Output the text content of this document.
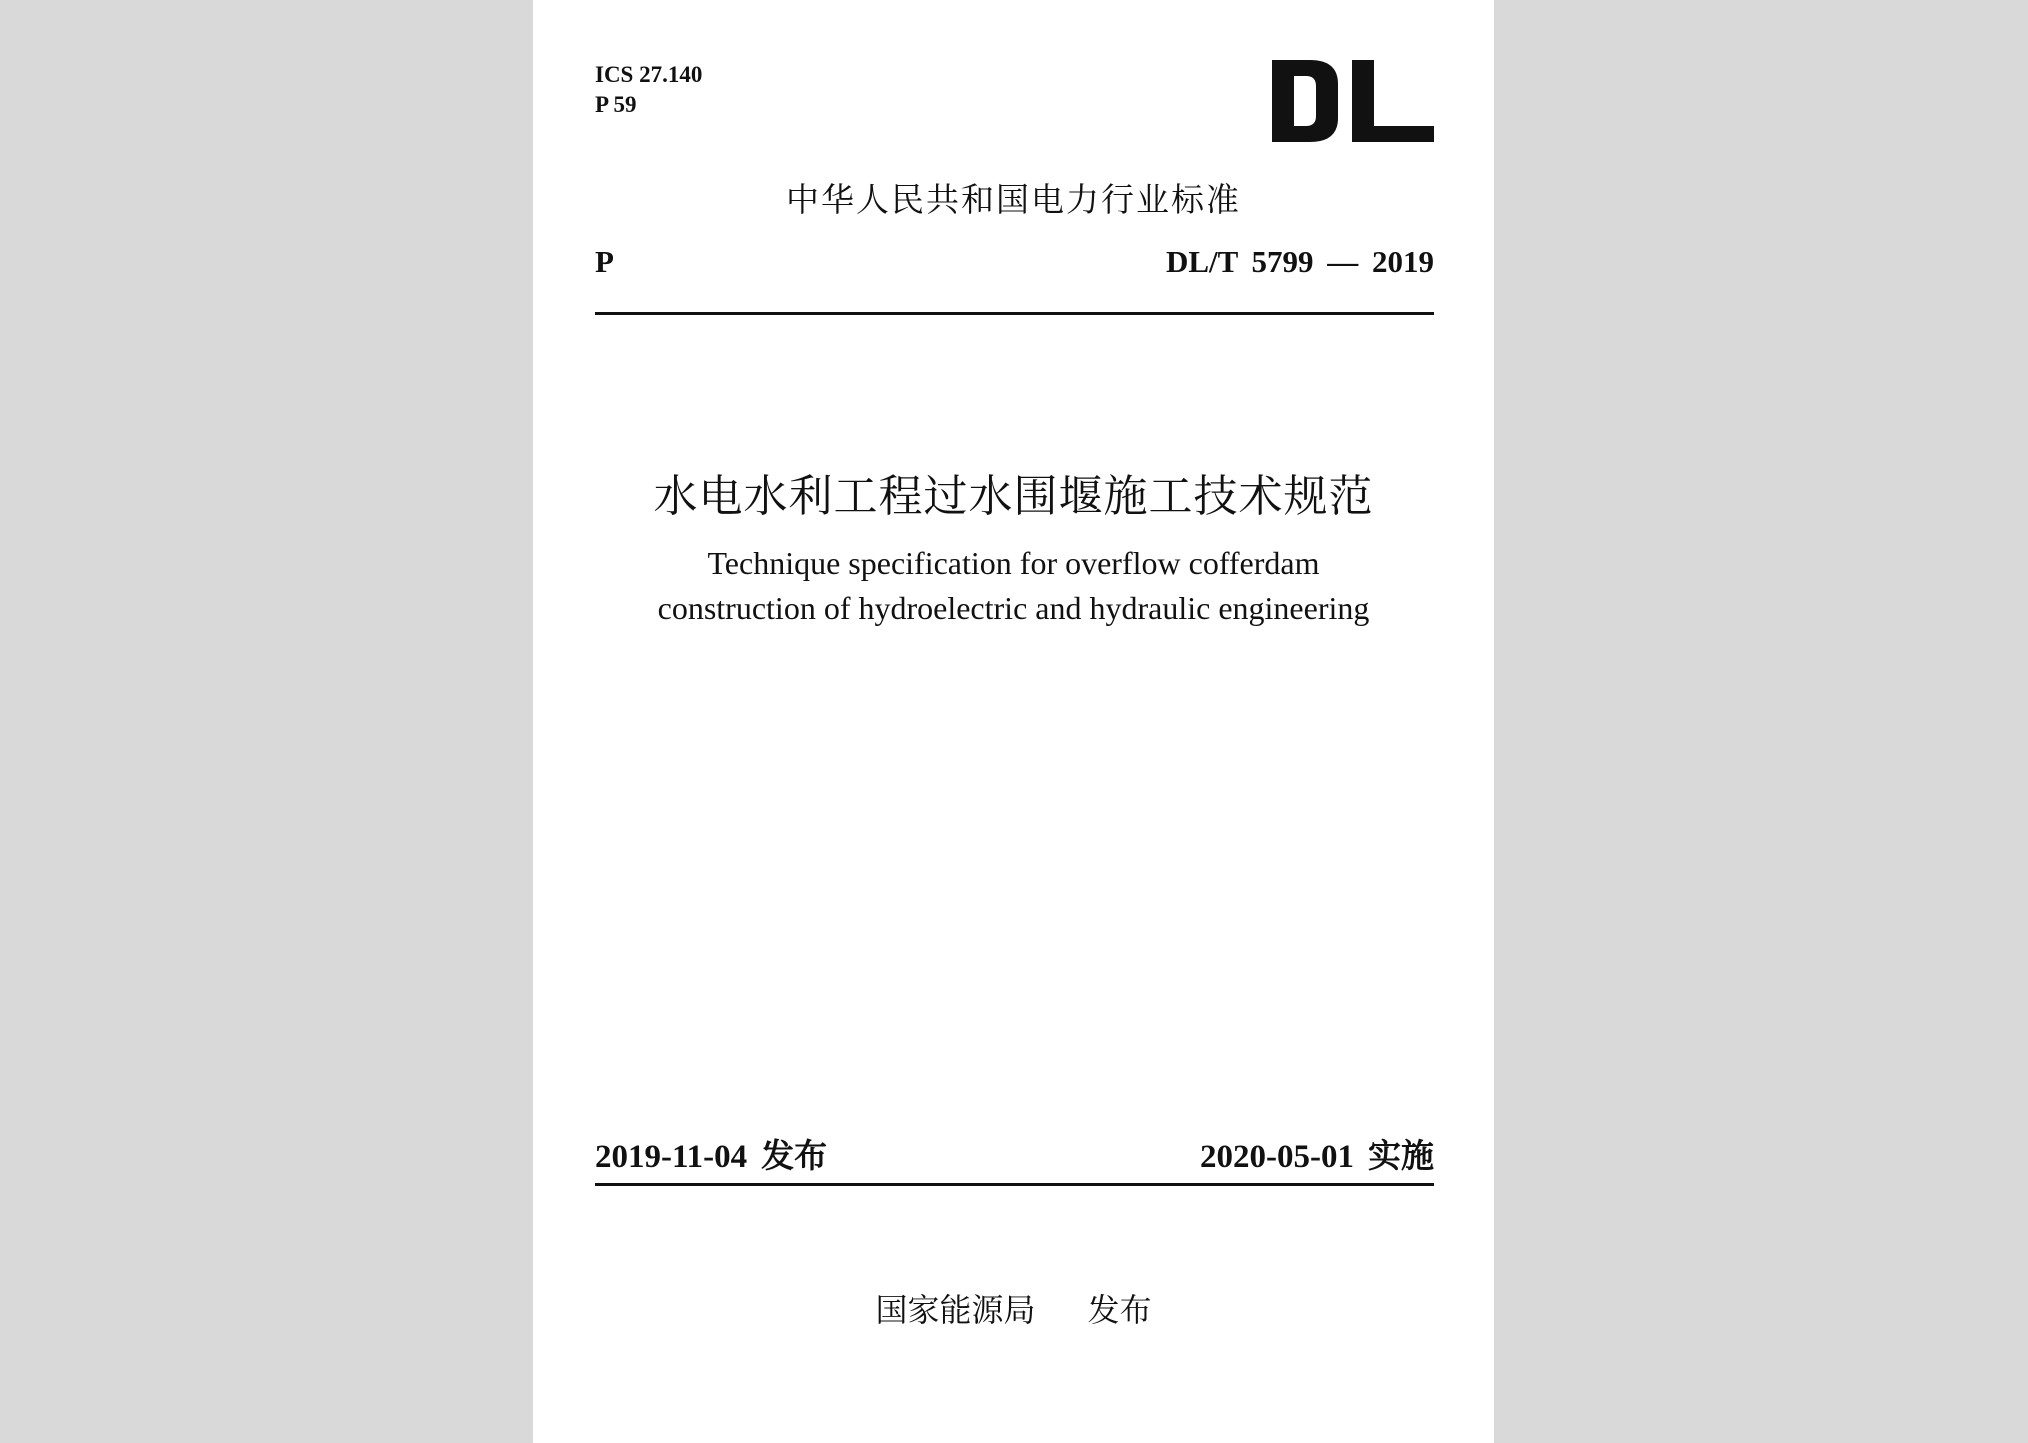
ICS 27.140
P 59
中华人民共和国电力行业标准
P	DL/T 5799 — 2019
水电水利工程过水围堰施工技术规范
Technique specification for overflow cofferdam
construction of hydroelectric and hydraulic engineering
2019-11-04 发布	2020-05-01 实施
国家能源局 发布
